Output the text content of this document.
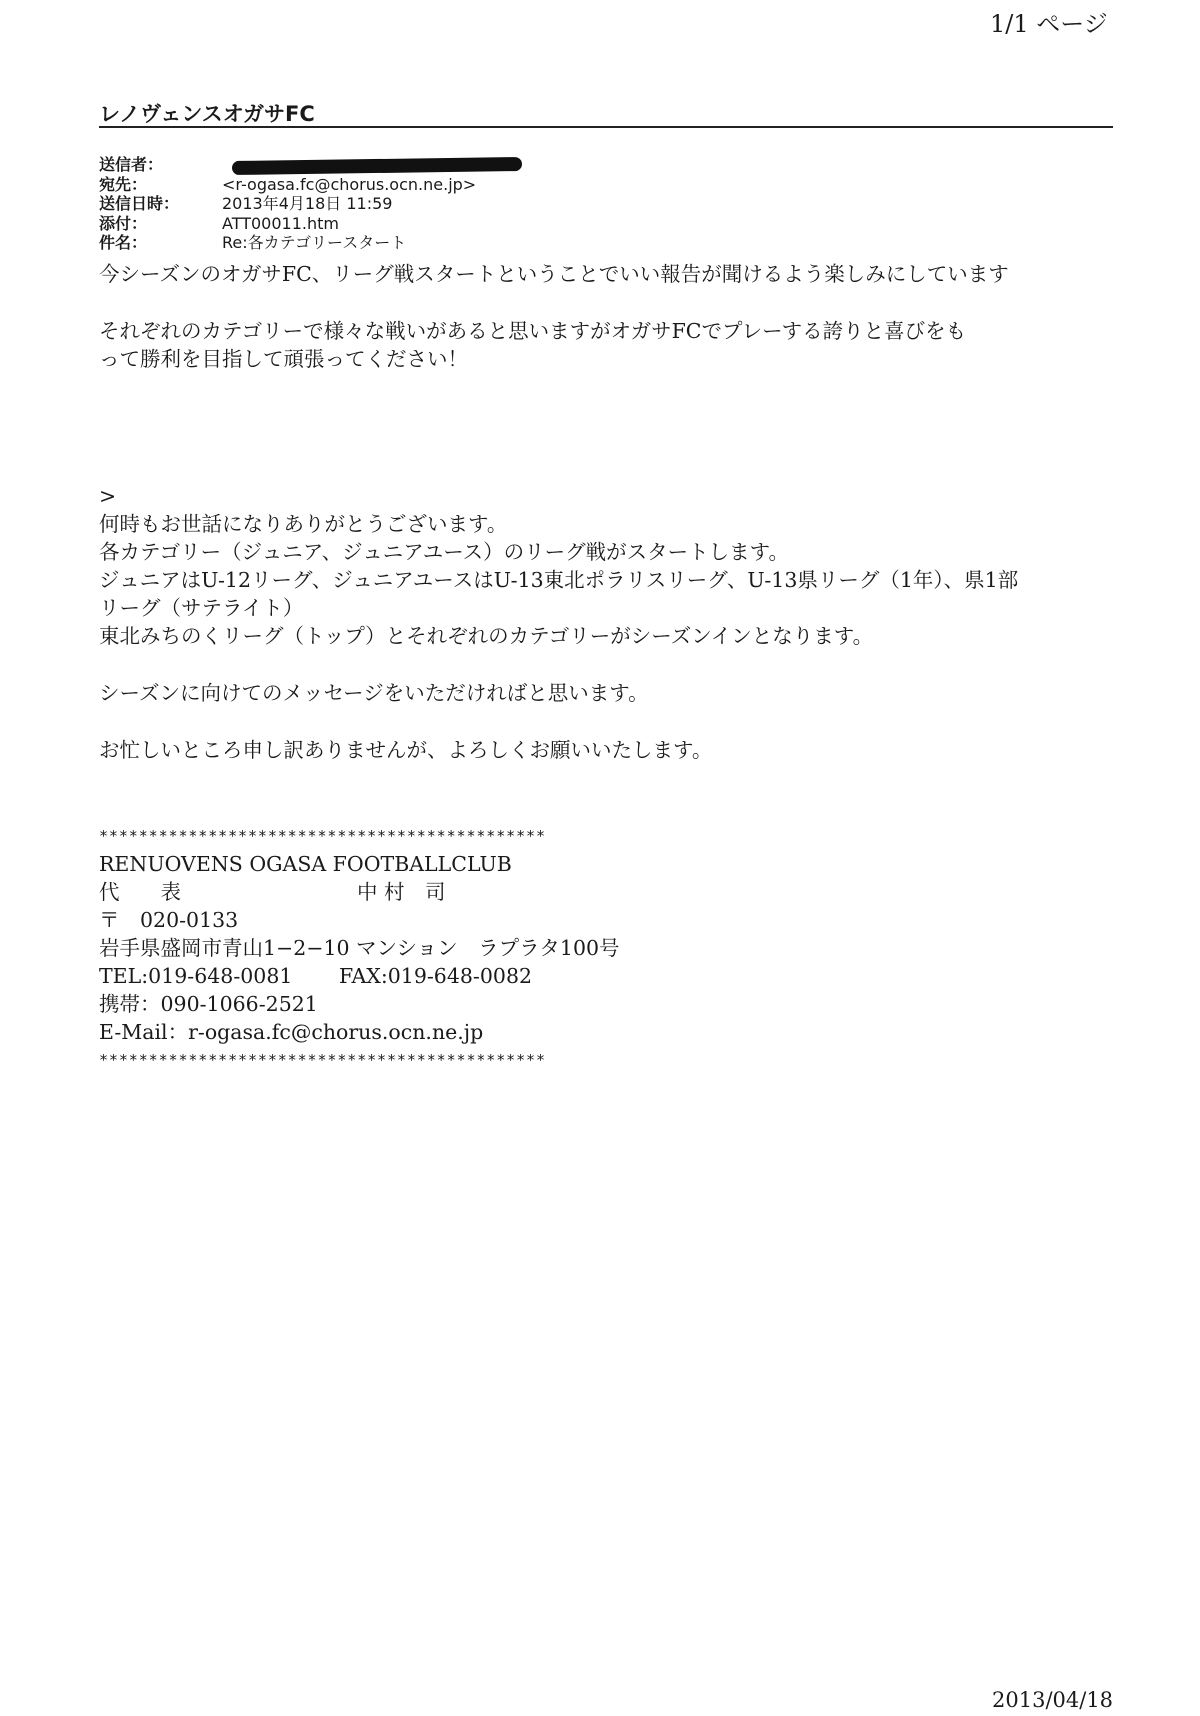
1/1 ページ
レノヴェンスオガサFC
送信者：
宛先：	<r-ogasa.fc@chorus.ocn.ne.jp>
送信日時：	2013年4月18日 11:59
添付：	ATT00011.htm
件名：	Re:各カテゴリースタート
今シーズンのオガサFC、リーグ戦スタートということでいい報告が聞けるよう楽しみにしています
それぞれのカテゴリーで様々な戦いがあると思いますがオガサFCでプレーする誇りと喜びをも
って勝利を目指して頑張ってください！
>
何時もお世話になりありがとうございます。
各カテゴリー（ジュニア、ジュニアユース）のリーグ戦がスタートします。
ジュニアはU-12リーグ、ジュニアユースはU-13東北ポラリスリーグ、U-13県リーグ（1年）、県1部
リーグ（サテライト）
東北みちのくリーグ（トップ）とそれぞれのカテゴリーがシーズンインとなります。
シーズンに向けてのメッセージをいただければと思います。
お忙しいところ申し訳ありませんが、よろしくお願いいたします。
*********************************************
RENUOVENS OGASA FOOTBALLCLUB
代　　表	中 村　司
〒　020-0133
岩手県盛岡市青山1−2−10 マンション　ラプラタ100号
TEL:019-648-0081 FAX:019-648-0082
携帯：090-1066-2521
E-Mail：r-ogasa.fc@chorus.ocn.ne.jp
*********************************************
2013/04/18
